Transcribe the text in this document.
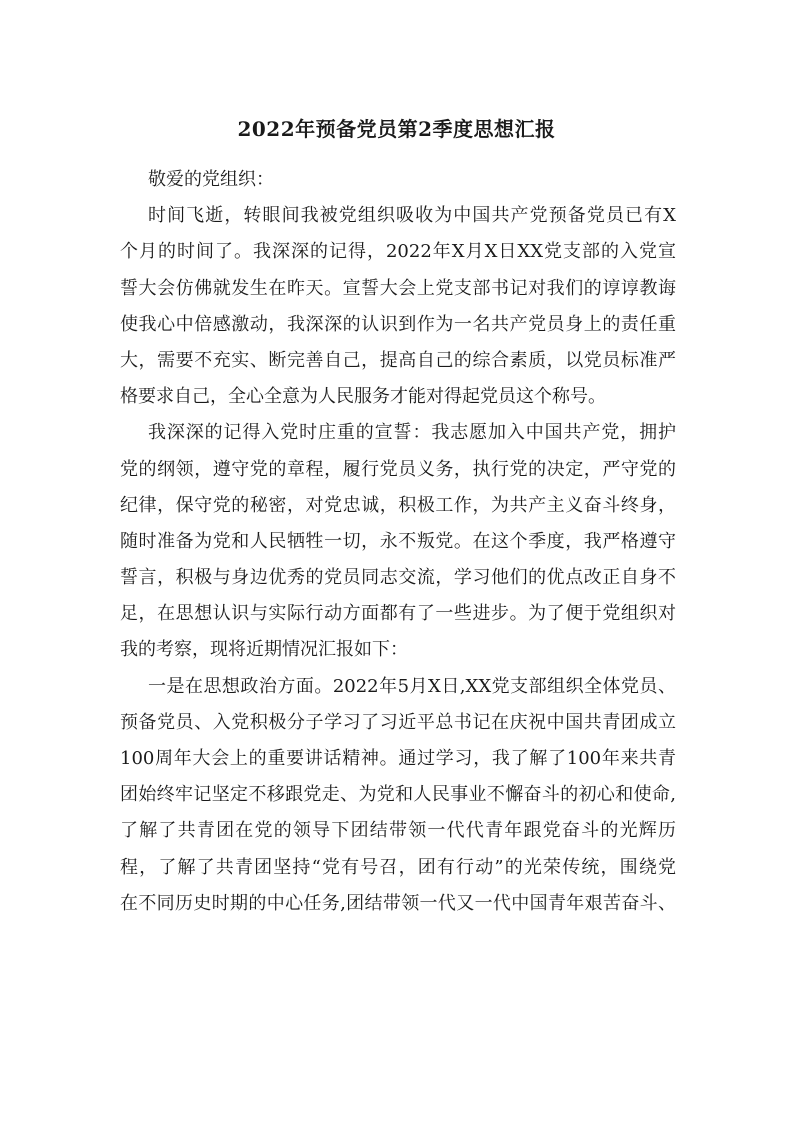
2022年预备党员第2季度思想汇报
敬爱的党组织：
时间飞逝，转眼间我被党组织吸收为中国共产党预备党员已有X
个月的时间了。我深深的记得，2022年X月X日XX党支部的入党宣
誓大会仿佛就发生在昨天。宣誓大会上党支部书记对我们的谆谆教诲
使我心中倍感激动，我深深的认识到作为一名共产党员身上的责任重
大，需要不充实、断完善自己，提高自己的综合素质，以党员标准严
格要求自己，全心全意为人民服务才能对得起党员这个称号。
我深深的记得入党时庄重的宣誓：我志愿加入中国共产党，拥护
党的纲领，遵守党的章程，履行党员义务，执行党的决定，严守党的
纪律，保守党的秘密，对党忠诚，积极工作，为共产主义奋斗终身，
随时准备为党和人民牺牲一切，永不叛党。在这个季度，我严格遵守
誓言，积极与身边优秀的党员同志交流，学习他们的优点改正自身不
足，在思想认识与实际行动方面都有了一些进步。为了便于党组织对
我的考察，现将近期情况汇报如下：
一是在思想政治方面。2022年5月X日,XX党支部组织全体党员、
预备党员、入党积极分子学习了习近平总书记在庆祝中国共青团成立
100周年大会上的重要讲话精神。通过学习，我了解了100年来共青
团始终牢记坚定不移跟党走、为党和人民事业不懈奋斗的初心和使命,
了解了共青团在党的领导下团结带领一代代青年跟党奋斗的光辉历
程，了解了共青团坚持“党有号召，团有行动”的光荣传统，围绕党
在不同历史时期的中心任务,团结带领一代又一代中国青年艰苦奋斗、
